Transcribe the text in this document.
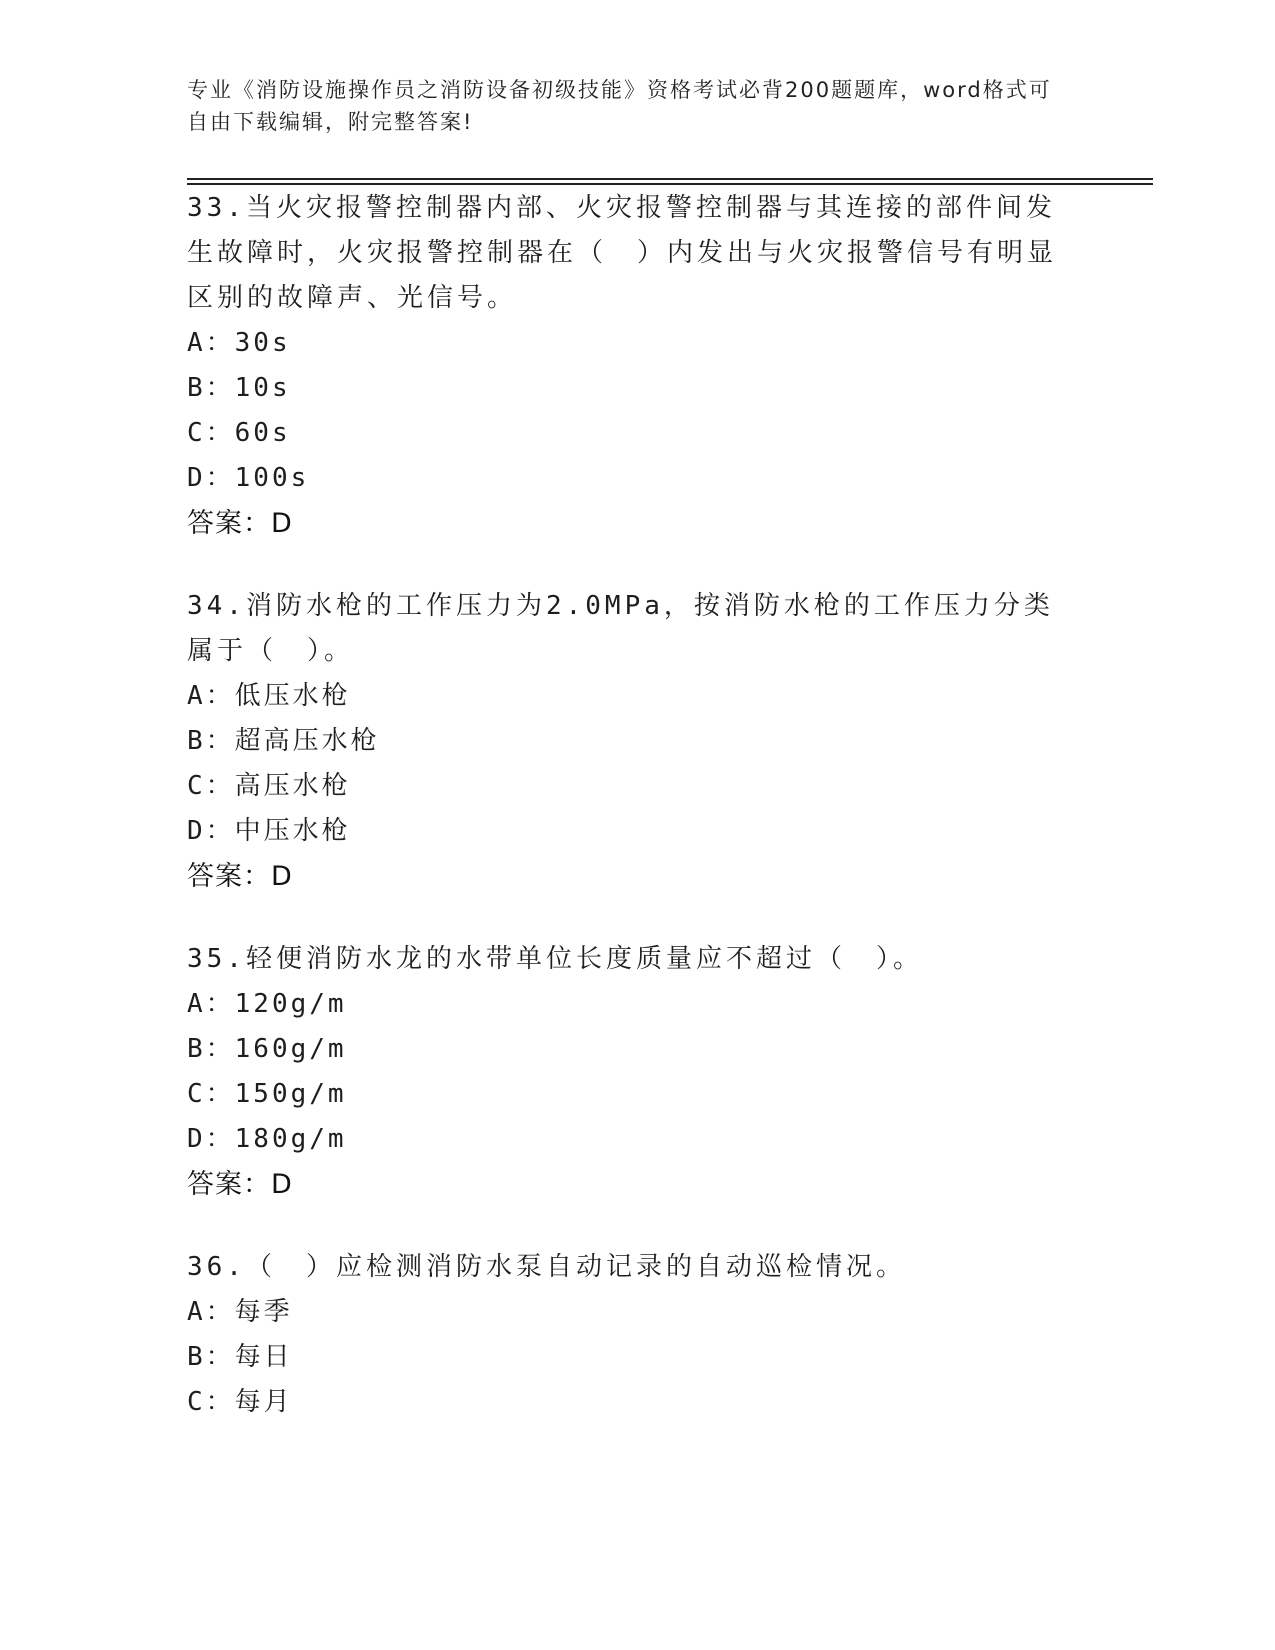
专业《消防设施操作员之消防设备初级技能》资格考试必背200题题库，word格式可自由下载编辑，附完整答案!
33.当火灾报警控制器内部、火灾报警控制器与其连接的部件间发生故障时，火灾报警控制器在（　）内发出与火灾报警信号有明显区别的故障声、光信号。
A：30s
B：10s
C：60s
D：100s
答案：D
34.消防水枪的工作压力为2.0MPa，按消防水枪的工作压力分类属于（　）。
A：低压水枪
B：超高压水枪
C：高压水枪
D：中压水枪
答案：D
35.轻便消防水龙的水带单位长度质量应不超过（　）。
A：120g/m
B：160g/m
C：150g/m
D：180g/m
答案：D
36.（　）应检测消防水泵自动记录的自动巡检情况。
A：每季
B：每日
C：每月
